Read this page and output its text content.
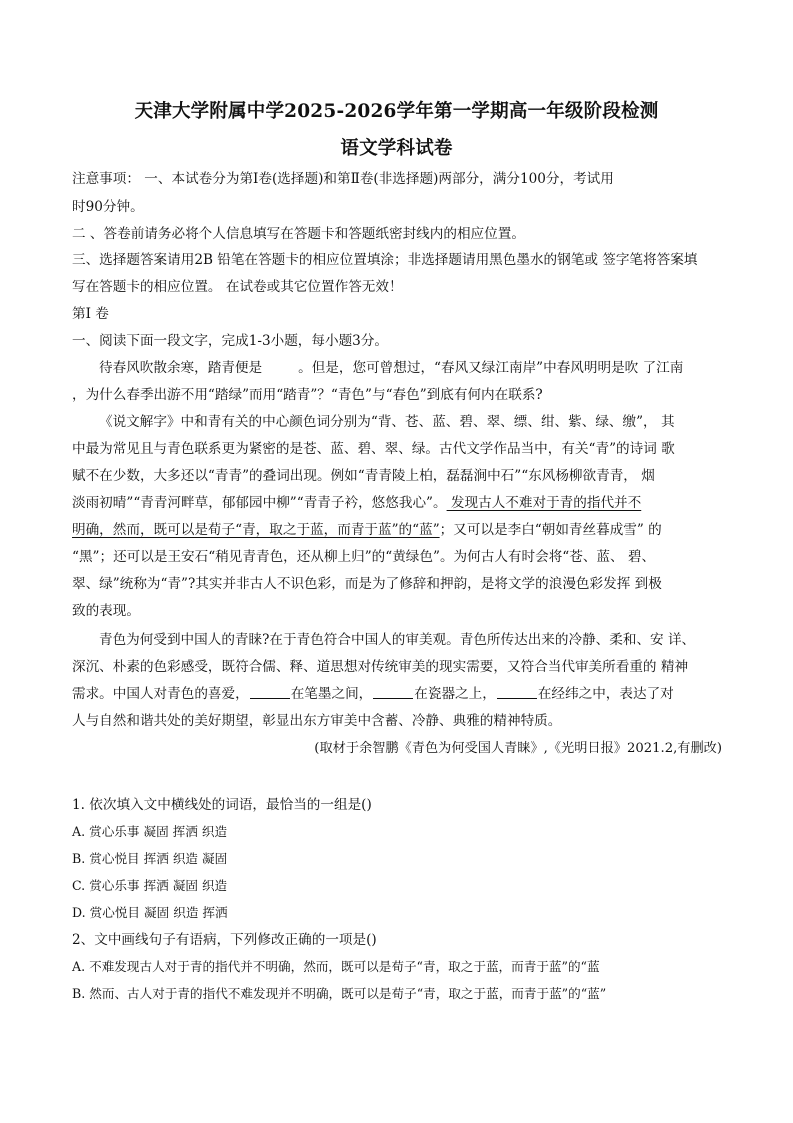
天津大学附属中学2025-2026学年第一学期高一年级阶段检测
语文学科试卷
注意事项： 一、本试卷分为第Ⅰ卷(选择题)和第Ⅱ卷(非选择题)两部分，满分100分，考试用
时90分钟。
二 、答卷前请务必将个人信息填写在答题卡和答题纸密封线内的相应位置。
三、选择题答案请用2B 铅笔在答题卡的相应位置填涂；非选择题请用黑色墨水的钢笔或 签字笔将答案填
写在答题卡的相应位置。 在试卷或其它位置作答无效！
第Ⅰ 卷
一、阅读下面一段文字，完成1-3小题，每小题3分。
待春风吹散余寒，踏青便是	。但是，您可曾想过，“春风又绿江南岸”中春风明明是吹 了江南
，为什么春季出游不用“踏绿”而用“踏青”？“青色”与“春色”到底有何内在联系?
《说文解字》中和青有关的中心颜色词分别为“背、苍、蓝、碧、翠、缥、绀、紫、绿、缴”， 其
中最为常见且与青色联系更为紧密的是苍、蓝、碧、翠、绿。古代文学作品当中，有关“青”的诗词 歌
赋不在少数，大多还以“青青”的叠词出现。例如“青青陵上柏，磊磊涧中石”“东风杨柳欲青青， 烟
淡雨初晴”“青青河畔草，郁郁园中柳”“青青子衿，悠悠我心”。 发现古人不难对于青的指代并不
明确，然而，既可以是荀子“青，取之于蓝，而青于蓝”的“蓝”；又可以是李白“朝如青丝暮成雪” 的
“黑”；还可以是王安石“稍见青青色，还从柳上归”的“黄绿色”。为何古人有时会将“苍、蓝、 碧、
翠、绿”统称为“青”?其实并非古人不识色彩，而是为了修辞和押韵，是将文学的浪漫色彩发挥 到极
致的表现。
青色为何受到中国人的青睐?在于青色符合中国人的审美观。青色所传达出来的冷静、柔和、安 详、
深沉、朴素的色彩感受，既符合儒、释、道思想对传统审美的现实需要，又符合当代审美所看重的 精神
需求。中国人对青色的喜爱，	在笔墨之间，	在瓷器之上，	在经纬之中，表达了对
人与自然和谐共处的美好期望，彰显出东方审美中含蓄、冷静、典雅的精神特质。
(取材于余智鹏《青色为何受国人青睐》,《光明日报》2021.2,有删改)
1. 依次填入文中横线处的词语，最恰当的一组是()
A. 赏心乐事 凝固 挥洒 织造
B. 赏心悦目 挥洒 织造 凝固
C. 赏心乐事 挥洒 凝固 织造
D. 赏心悦目 凝固 织造 挥洒
2、文中画线句子有语病，下列修改正确的一项是()
A. 不难发现古人对于青的指代并不明确，然而，既可以是荀子“青，取之于蓝，而青于蓝”的“蓝
B. 然而、古人对于青的指代不难发现并不明确，既可以是荀子“青，取之于蓝，而青于蓝”的“蓝”
